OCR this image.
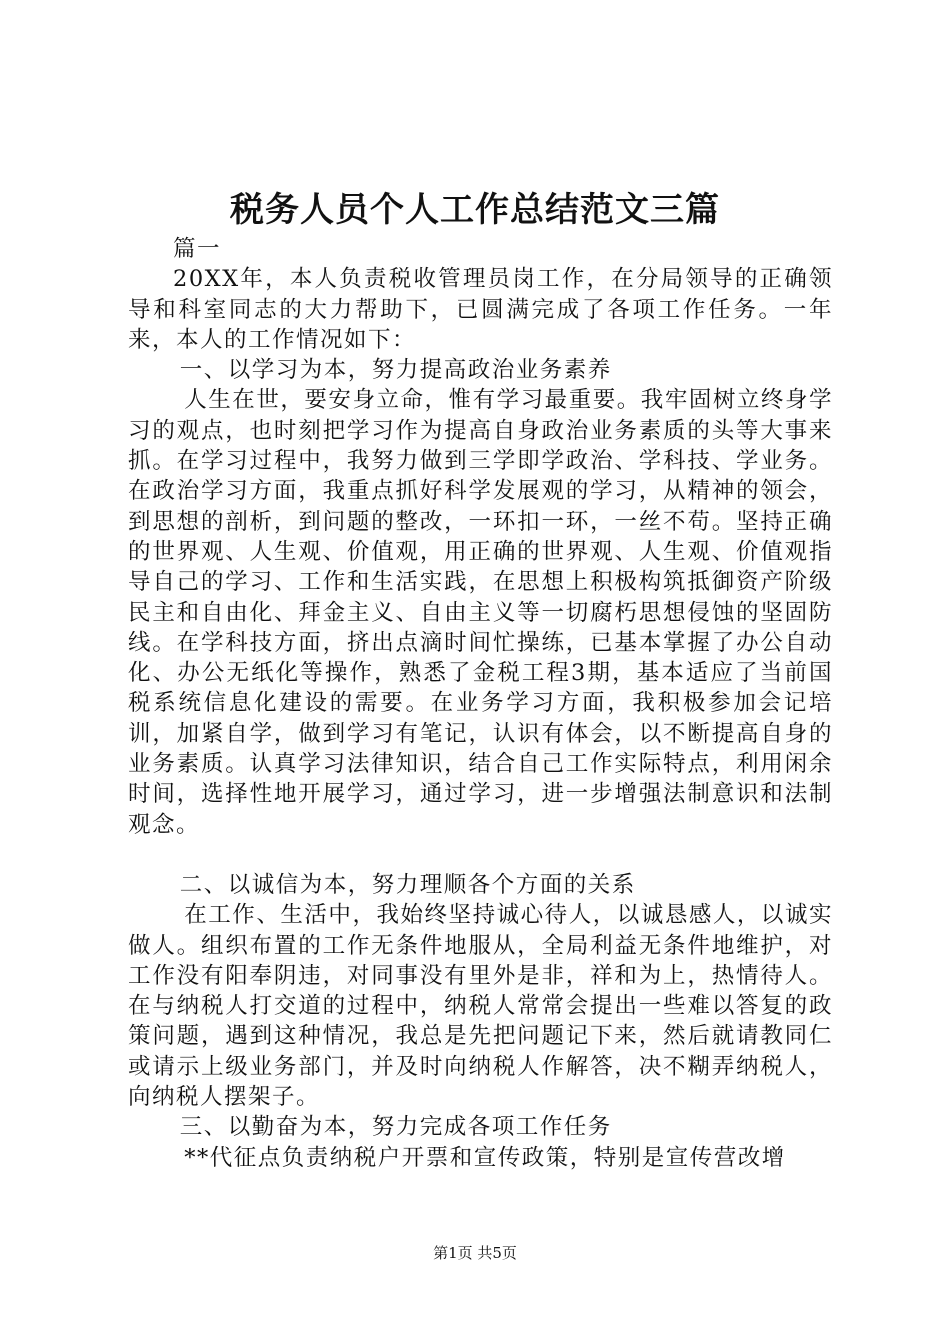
税务人员个人工作总结范文三篇

篇一

20XX年，本人负责税收管理员岗工作，在分局领导的正确领导和科室同志的大力帮助下，已圆满完成了各项工作任务。一年来，本人的工作情况如下：

一、以学习为本，努力提高政治业务素养

人生在世，要安身立命，惟有学习最重要。我牢固树立终身学习的观点，也时刻把学习作为提高自身政治业务素质的头等大事来抓。在学习过程中，我努力做到三学即学政治、学科技、学业务。在政治学习方面，我重点抓好科学发展观的学习，从精神的领会，到思想的剖析，到问题的整改，一环扣一环，一丝不苟。坚持正确的世界观、人生观、价值观，用正确的世界观、人生观、价值观指导自己的学习、工作和生活实践，在思想上积极构筑抵御资产阶级民主和自由化、拜金主义、自由主义等一切腐朽思想侵蚀的坚固防线。在学科技方面，挤出点滴时间忙操练，已基本掌握了办公自动化、办公无纸化等操作，熟悉了金税工程3期，基本适应了当前国税系统信息化建设的需要。在业务学习方面，我积极参加会记培训，加紧自学，做到学习有笔记，认识有体会，以不断提高自身的业务素质。认真学习法律知识，结合自己工作实际特点，利用闲余时间，选择性地开展学习，通过学习，进一步增强法制意识和法制观念。

二、以诚信为本，努力理顺各个方面的关系

在工作、生活中，我始终坚持诚心待人，以诚恳感人，以诚实做人。组织布置的工作无条件地服从，全局利益无条件地维护，对工作没有阳奉阴违，对同事没有里外是非，祥和为上，热情待人。在与纳税人打交道的过程中，纳税人常常会提出一些难以答复的政策问题，遇到这种情况，我总是先把问题记下来，然后就请教同仁或请示上级业务部门，并及时向纳税人作解答，决不糊弄纳税人，向纳税人摆架子。

三、以勤奋为本，努力完成各项工作任务

**代征点负责纳税户开票和宣传政策，特别是宣传营改增

第1页 共5页
